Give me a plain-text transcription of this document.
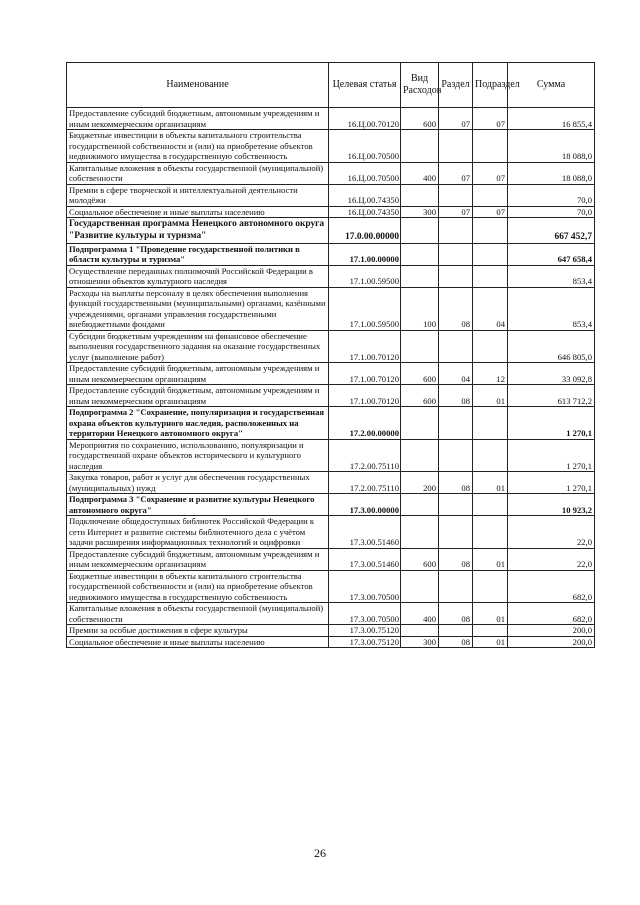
Наименование	Целевая статья	Вид Расходов	Раздел	Подраздел	Сумма
Предоставление субсидий бюджетным, автономным учреждениям и иным некоммерческим организациям	16.Ц.00.70120	600	07	07	16 855,4
Бюджетные инвестиции в объекты капитального строительства государственной собственности и (или) на приобретение объектов недвижимого имущества в государственную собственность	16.Ц.00.70500				18 088,0
Капитальные вложения в объекты государственной (муниципальной) собственности	16.Ц.00.70500	400	07	07	18 088,0
Премии в сфере творческой и интеллектуальной деятельности молодёжи	16.Ц.00.74350				70,0
Социальное обеспечение и иные выплаты населению	16.Ц.00.74350	300	07	07	70,0
Государственная программа Ненецкого автономного округа "Развитие культуры и туризма"	17.0.00.00000				667 452,7
Подпрограмма 1 "Проведение государственной политики в области культуры и туризма"	17.1.00.00000				647 658,4
Осуществление переданных полномочий Российской Федерации в отношении объектов культурного наследия	17.1.00.59500				853,4
Расходы на выплаты персоналу в целях обеспечения выполнения функций государственными (муниципальными) органами, казёнными учреждениями, органами управления государственными внебюджетными фондами	17.1.00.59500	100	08	04	853,4
Субсидии бюджетным учреждениям на финансовое обеспечение выполнения государственного задания на оказание государственных услуг (выполнение работ)	17.1.00.70120				646 805,0
Предоставление субсидий бюджетным, автономным учреждениям и иным некоммерческим организациям	17.1.00.70120	600	04	12	33 092,8
Предоставление субсидий бюджетным, автономным учреждениям и иным некоммерческим организациям	17.1.00.70120	600	08	01	613 712,2
Подпрограмма 2 "Сохранение, популяризация и государственная охрана объектов культурного наследия, расположенных на территории Ненецкого автономного округа"	17.2.00.00000				1 270,1
Мероприятия по сохранению, использованию, популяризации и государственной охране объектов исторического и культурного наследия	17.2.00.75110				1 270,1
Закупка товаров, работ и услуг для обеспечения государственных (муниципальных) нужд	17.2.00.75110	200	08	01	1 270,1
Подпрограмма 3 "Сохранение и развитие культуры Ненецкого автономного округа"	17.3.00.00000				10 923,2
Подключение общедоступных библиотек Российской Федерации к сети Интернет и развитие системы библиотечного дела с учётом задачи расширения информационных технологий и оцифровки	17.3.00.51460				22,0
Предоставление субсидий бюджетным, автономным учреждениям и иным некоммерческим организациям	17.3.00.51460	600	08	01	22,0
Бюджетные инвестиции в объекты капитального строительства государственной собственности и (или) на приобретение объектов недвижимого имущества в государственную собственность	17.3.00.70500				682,0
Капитальные вложения в объекты государственной (муниципальной) собственности	17.3.00.70500	400	08	01	682,0
Премии за особые достижения в сфере культуры	17.3.00.75120				200,0
Социальное обеспечение и иные выплаты населению	17.3.00.75120	300	08	01	200,0
26
